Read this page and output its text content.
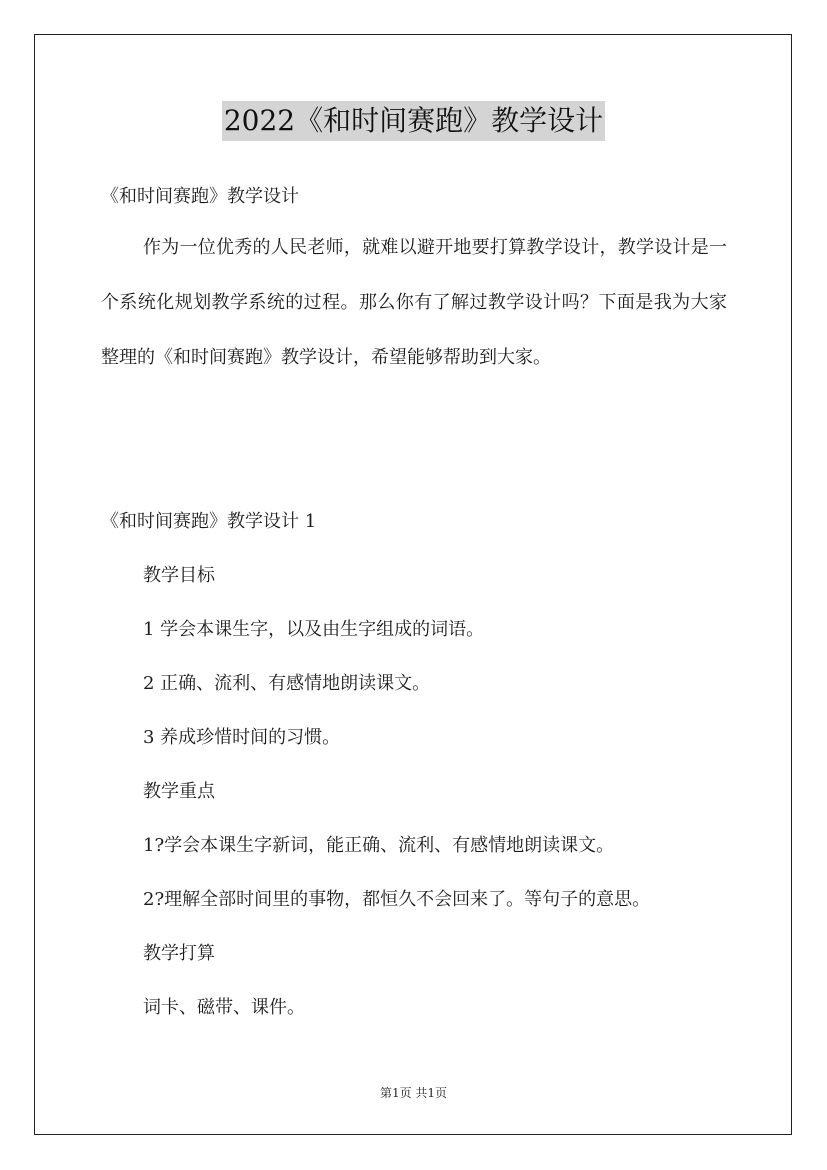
2022《和时间赛跑》教学设计
《和时间赛跑》教学设计
作为一位优秀的人民老师，就难以避开地要打算教学设计，教学设计是一个系统化规划教学系统的过程。那么你有了解过教学设计吗？下面是我为大家整理的《和时间赛跑》教学设计，希望能够帮助到大家。
《和时间赛跑》教学设计 1
教学目标
1 学会本课生字，以及由生字组成的词语。
2 正确、流利、有感情地朗读课文。
3 养成珍惜时间的习惯。
教学重点
1?学会本课生字新词，能正确、流利、有感情地朗读课文。
2?理解全部时间里的事物，都恒久不会回来了。等句子的意思。
教学打算
词卡、磁带、课件。
第1页 共1页
